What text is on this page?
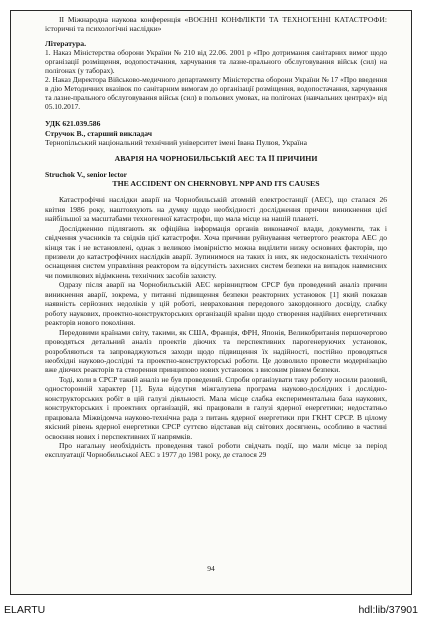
ІІ Міжнародна наукова конференція «ВОЄННІ КОНФЛІКТИ ТА ТЕХНОГЕННІ КАТАСТРОФИ: історичні та психологічні наслідки»

Література.

1. Наказ Міністерства оборони України № 210 від 22.06. 2001 р «Про дотримання санітарних вимог щодо організації розміщення, водопостачання, харчування та лазне-прального обслуговування військ (сил) на полігонах (у таборах).

2. Наказ Директора Військово-медичного департаменту Міністерства оборони України № 17 «Про введення в дію Методичних вказівок по санітарним вимогам до організації розміщення, водопостачання, харчування та лазне-прального обслуговування військ (сил) в польових умовах, на полігонах (навчальних центрах)» від 05.10.2017.

УДК 621.039.586

Стручок В., старший викладач

Тернопільський національний технічний університет імені Івана Пулюя, Україна

АВАРІЯ НА ЧОРНОБИЛЬСЬКІЙ АЕС ТА ЇЇ ПРИЧИНИ

Struchok V., senior lector

THE ACCIDENT ON CHERNOBYL NPP AND ITS CAUSES

Катастрофічні наслідки аварії на Чорнобильській атомній електростанції (АЕС), що сталася 26 квітня 1986 року, наштовхують на думку щодо необхідності дослідження причин виникнення цієї найбільшої за масштабами техногенної катастрофи, що мала місце на нашій планеті.

Дослідженню підлягають як офіційна інформація органів виконавчої влади, документи, так і свідчення учасників та свідків цієї катастрофи. Хоча причини руйнування четвертого реактора АЕС до кінця так і не встановлені, однак з великою імовірністю можна виділити низку основних факторів, що призвели до катастрофічних наслідків аварії. Зупинимося на таких із них, як недосконалість технічного оснащення систем управління реактором та відсутність захисних систем безпеки на випадок навмисних чи помилкових відімкнень технічних засобів захисту.

Одразу після аварії на Чорнобильській АЕС керівництвом СРСР був проведений аналіз причин виникнення аварії, зокрема, у питанні підвищення безпеки реакторних установок [1] який показав наявність серйозних недоліків у цій роботі, невраховання передового закордонного досвіду, слабку роботу наукових, проектно-конструкторських організацій країни щодо створення надійних енергетичних реакторів нового покоління.

Передовими країнами світу, такими, як США, Франція, ФРН, Японія, Великобританія першочергово проводяться детальний аналіз проектів діючих та перспективних парогенеруючих установок, розробляються та запроваджуються заходи щодо підвищення їх надійності, постійно проводяться необхідні науково-дослідні та проектно-конструкторські роботи. Це дозволило провести модернізацію вже діючих реакторів та створення принципово нових установок з високим рівнем безпеки.

Тоді, коли в СРСР такий аналіз не був проведений. Спроби організувати таку роботу носили разовий, односторонній характер [1]. Була відсутня міжгалузева програма науково-дослідних і дослідно-конструкторських робіт в цій галузі діяльності. Мала місце слабка експериментальна база наукових, конструкторських і проектних організацій, які працювали в галузі ядерної енергетики; недостатньо працювала Міжвідомча науково-технічна рада з питань ядерної енергетики при ГКНТ СРСР. В цілому якісний рівень ядерної енергетики СРСР суттєво відставав від світових досягнень, особливо в частині освоєння нових і перспективних її напрямків.

Про нагальну необхідність проведення такої роботи свідчать події, що мали місце за період експлуатації Чорнобильської АЕС з 1977 до 1981 року, де сталося 29

94
ELARTU	hdl:lib/37901
